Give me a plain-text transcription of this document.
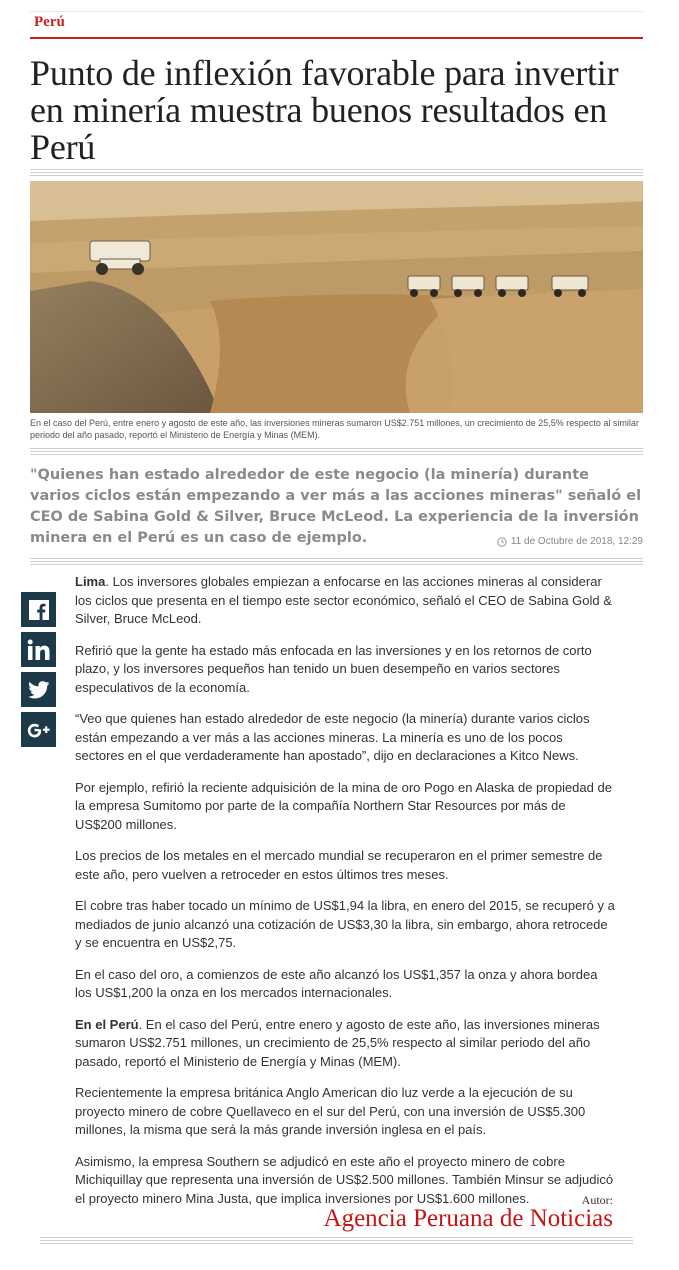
Perú
Punto de inflexión favorable para invertir en minería muestra buenos resultados en Perú
En el caso del Perú, entre enero y agosto de este año, las inversiones mineras sumaron US$2.751 millones, un crecimiento de 25,5% respecto al similar periodo del año pasado, reportó el Ministerio de Energía y Minas (MEM).
"Quienes han estado alrededor de este negocio (la minería) durante varios ciclos están empezando a ver más a las acciones mineras" señaló el CEO de Sabina Gold & Silver, Bruce McLeod. La experiencia de la inversión minera en el Perú es un caso de ejemplo.	11 de Octubre de 2018, 12:29

Lima. Los inversores globales empiezan a enfocarse en las acciones mineras al considerar los ciclos que presenta en el tiempo este sector económico, señaló el CEO de Sabina Gold & Silver, Bruce McLeod.

Refirió que la gente ha estado más enfocada en las inversiones y en los retornos de corto plazo, y los inversores pequeños han tenido un buen desempeño en varios sectores especulativos de la economía.

“Veo que quienes han estado alrededor de este negocio (la minería) durante varios ciclos están empezando a ver más a las acciones mineras. La minería es uno de los pocos sectores en el que verdaderamente han apostado”, dijo en declaraciones a Kitco News.

Por ejemplo, refirió la reciente adquisición de la mina de oro Pogo en Alaska de propiedad de la empresa Sumitomo por parte de la compañía Northern Star Resources por más de US$200 millones.

Los precios de los metales en el mercado mundial se recuperaron en el primer semestre de este año, pero vuelven a retroceder en estos últimos tres meses.

El cobre tras haber tocado un mínimo de US$1,94 la libra, en enero del 2015, se recuperó y a mediados de junio alcanzó una cotización de US$3,30 la libra, sin embargo, ahora retrocede y se encuentra en US$2,75.

En el caso del oro, a comienzos de este año alcanzó los US$1,357 la onza y ahora bordea los US$1,200 la onza en los mercados internacionales.

En el Perú. En el caso del Perú, entre enero y agosto de este año, las inversiones mineras sumaron US$2.751 millones, un crecimiento de 25,5% respecto al similar periodo del año pasado, reportó el Ministerio de Energía y Minas (MEM).

Recientemente la empresa británica Anglo American dio luz verde a la ejecución de su proyecto minero de cobre Quellaveco en el sur del Perú, con una inversión de US$5.300 millones, la misma que será la más grande inversión inglesa en el país.

Asimismo, la empresa Southern se adjudicó en este año el proyecto minero de cobre Michiquillay que representa una inversión de US$2.500 millones. También Minsur se adjudicó el proyecto minero Mina Justa, que implica inversiones por US$1.600 millones.	Autor:
Agencia Peruana de Noticias
